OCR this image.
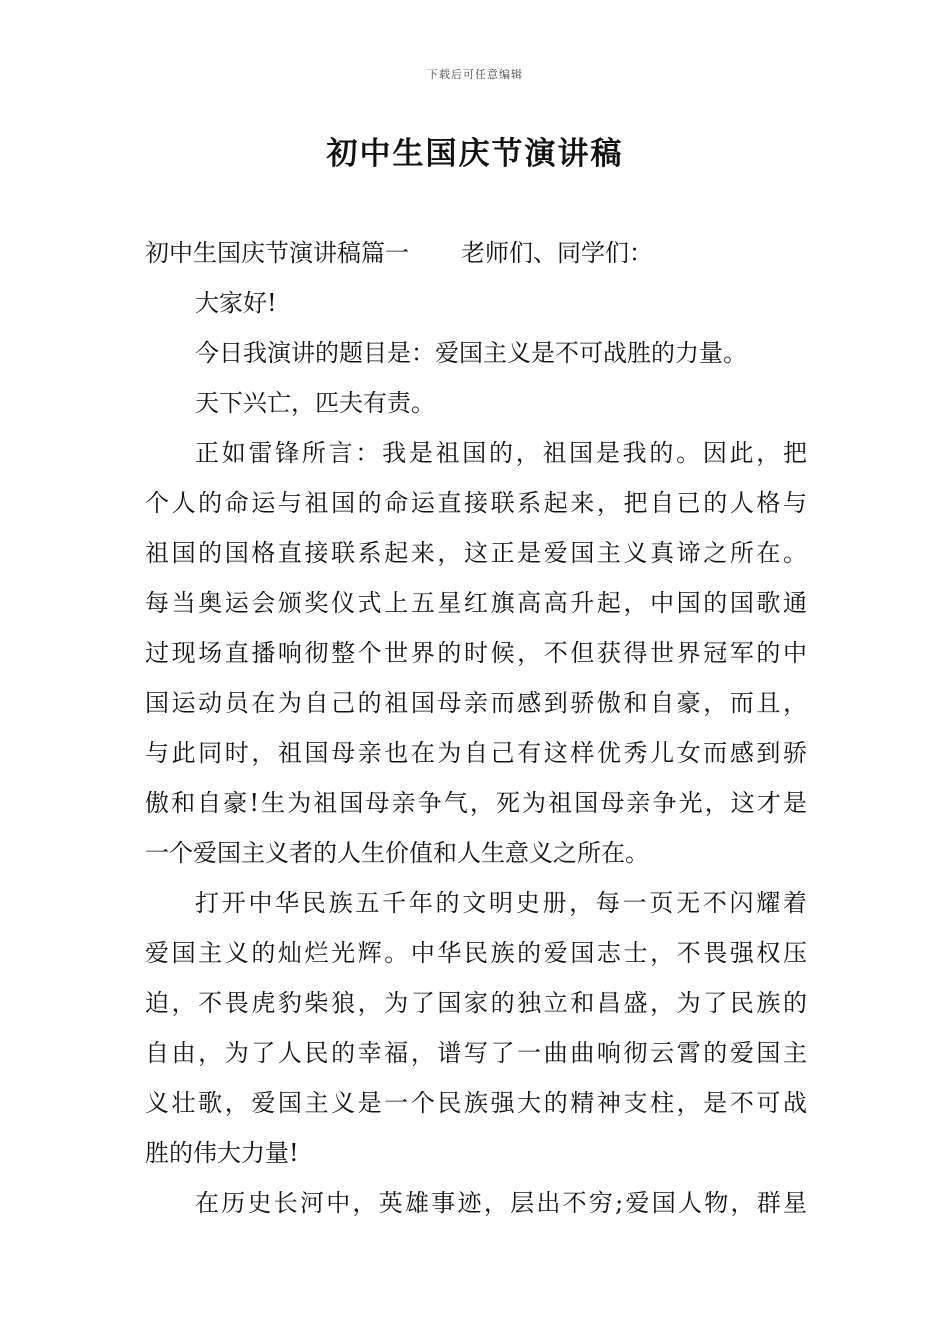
下载后可任意编辑
初中生国庆节演讲稿
初中生国庆节演讲稿篇一 老师们、同学们：
大家好!
今日我演讲的题目是：爱国主义是不可战胜的力量。
天下兴亡，匹夫有责。
正如雷锋所言：我是祖国的，祖国是我的。因此，把
个人的命运与祖国的命运直接联系起来，把自已的人格与
祖国的国格直接联系起来，这正是爱国主义真谛之所在。
每当奥运会颁奖仪式上五星红旗高高升起，中国的国歌通
过现场直播响彻整个世界的时候，不但获得世界冠军的中
国运动员在为自己的祖国母亲而感到骄傲和自豪，而且，
与此同时，祖国母亲也在为自己有这样优秀儿女而感到骄
傲和自豪!生为祖国母亲争气，死为祖国母亲争光，这才是
一个爱国主义者的人生价值和人生意义之所在。
打开中华民族五千年的文明史册，每一页无不闪耀着
爱国主义的灿烂光辉。中华民族的爱国志士，不畏强权压
迫，不畏虎豹柴狼，为了国家的独立和昌盛，为了民族的
自由，为了人民的幸福，谱写了一曲曲响彻云霄的爱国主
义壮歌，爱国主义是一个民族强大的精神支柱，是不可战
胜的伟大力量!
在历史长河中，英雄事迹，层出不穷;爱国人物，群星
